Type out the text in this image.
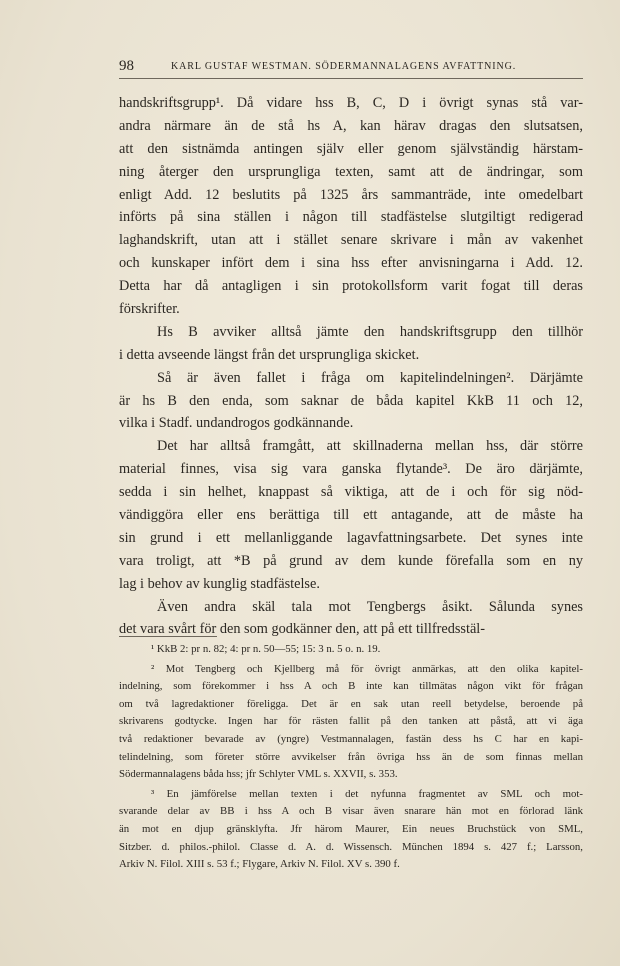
98	KARL GUSTAF WESTMAN. SÖDERMANNALAGENS AVFATTNING.
handskriftsgrupp¹. Då vidare hss B, C, D i övrigt synas stå var-
andra närmare än de stå hs A, kan härav dragas den slutsatsen,
att den sistnämda antingen själv eller genom självständig härstam-
ning återger den ursprungliga texten, samt att de ändringar, som
enligt Add. 12 beslutits på 1325 års sammanträde, inte omedelbart
införts på sina ställen i någon till stadfästelse slutgiltigt redigerad
laghandskrift, utan att i stället senare skrivare i mån av vakenhet
och kunskaper infört dem i sina hss efter anvisningarna i Add. 12.
Detta har då antagligen i sin protokollsform varit fogat till deras
förskrifter.
Hs B avviker alltså jämte den handskriftsgrupp den tillhör
i detta avseende längst från det ursprungliga skicket.
Så är även fallet i fråga om kapitelindelningen². Därjämte
är hs B den enda, som saknar de båda kapitel KkB 11 och 12,
vilka i Stadf. undandrogos godkännande.
Det har alltså framgått, att skillnaderna mellan hss, där större
material finnes, visa sig vara ganska flytande³. De äro därjämte,
sedda i sin helhet, knappast så viktiga, att de i och för sig nöd-
vändiggöra eller ens berättiga till ett antagande, att de måste ha
sin grund i ett mellanliggande lagavfattningsarbete. Det synes inte
vara troligt, att *B på grund av dem kunde förefalla som en ny
lag i behov av kunglig stadfästelse.
Även andra skäl tala mot Tengbergs åsikt. Sålunda synes
det vara svårt för den som godkänner den, att på ett tillfredsstäl-
¹ KkB 2: pr n. 82; 4: pr n. 50—55; 15: 3 n. 5 o. n. 19.
² Mot Tengberg och Kjellberg må för övrigt anmärkas, att den olika kapitel-
indelning, som förekommer i hss A och B inte kan tillmätas någon vikt för frågan
om två lagredaktioner föreligga. Det är en sak utan reell betydelse, beroende på
skrivarens godtycke. Ingen har för rästen fallit på den tanken att påstå, att vi äga
två redaktioner bevarade av (yngre) Vestmannalagen, fastän dess hs C har en kapi-
telindelning, som företer större avvikelser från övriga hss än de som finnas mellan
Södermannalagens båda hss; jfr Schlyter VML s. XXVII, s. 353.
³ En jämförelse mellan texten i det nyfunna fragmentet av SML och mot-
svarande delar av BB i hss A och B visar även snarare hän mot en förlorad länk
än mot en djup gränsklyfta. Jfr härom Maurer, Ein neues Bruchstück von SML,
Sitzber. d. philos.-philol. Classe d. A. d. Wissensch. München 1894 s. 427 f.; Larsson,
Arkiv N. Filol. XIII s. 53 f.; Flygare, Arkiv N. Filol. XV s. 390 f.
